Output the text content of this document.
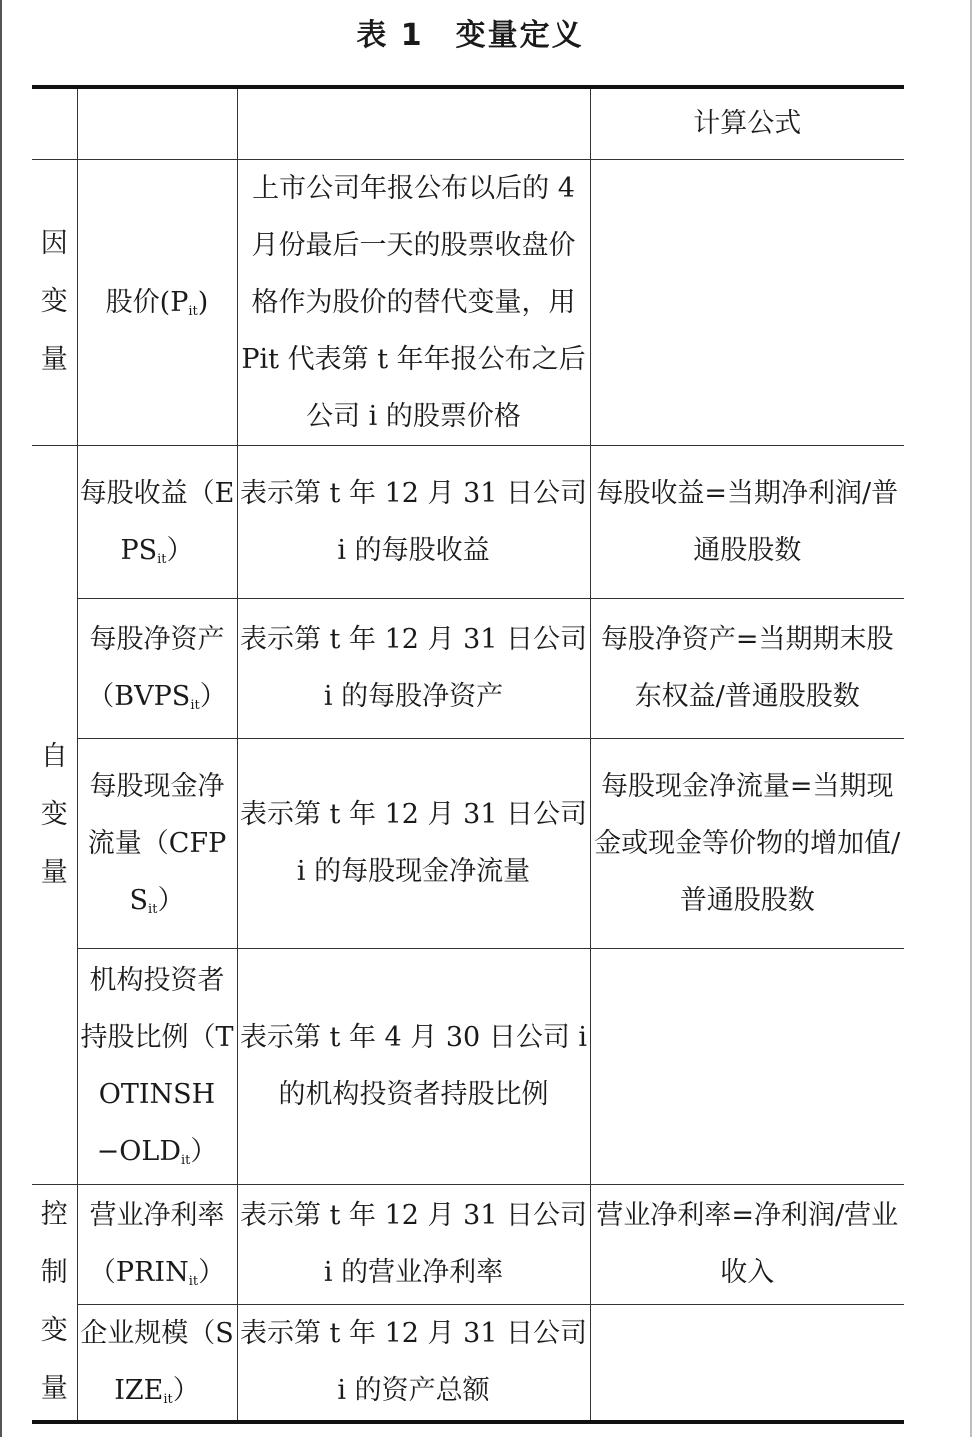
表 1　变量定义
			计算公式
因变量	股价$(P_{it})$	上市公司年报公布以后的 4 月份最后一天的股票收盘价格作为股价的替代变量，用 Pit 代表第 t 年年报公布之后公司 i 的股票价格	
自变量	每股收益$(EPS_{it})$	表示第 t 年 12 月 31 日公司 i 的每股收益	每股收益=当期净利润/普通股股数
	每股净资产$(BVPS_{it})$	表示第 t 年 12 月 31 日公司 i 的每股净资产	每股净资产=当期期末股东权益/普通股股数
	每股现金净流量$(CFPS_{it})$	表示第 t 年 12 月 31 日公司 i 的每股现金净流量	每股现金净流量=当期现金或现金等价物的增加值/普通股股数
	机构投资者持股比例$(TOTINSH-OLD_{it})$	表示第 t 年 4 月 30 日公司 i 的机构投资者持股比例	
控制变量	营业净利率$(PRIN_{it})$	表示第 t 年 12 月 31 日公司 i 的营业净利率	营业净利率=净利润/营业收入
	企业规模$(SIZE_{it})$	表示第 t 年 12 月 31 日公司 i 的资产总额	
